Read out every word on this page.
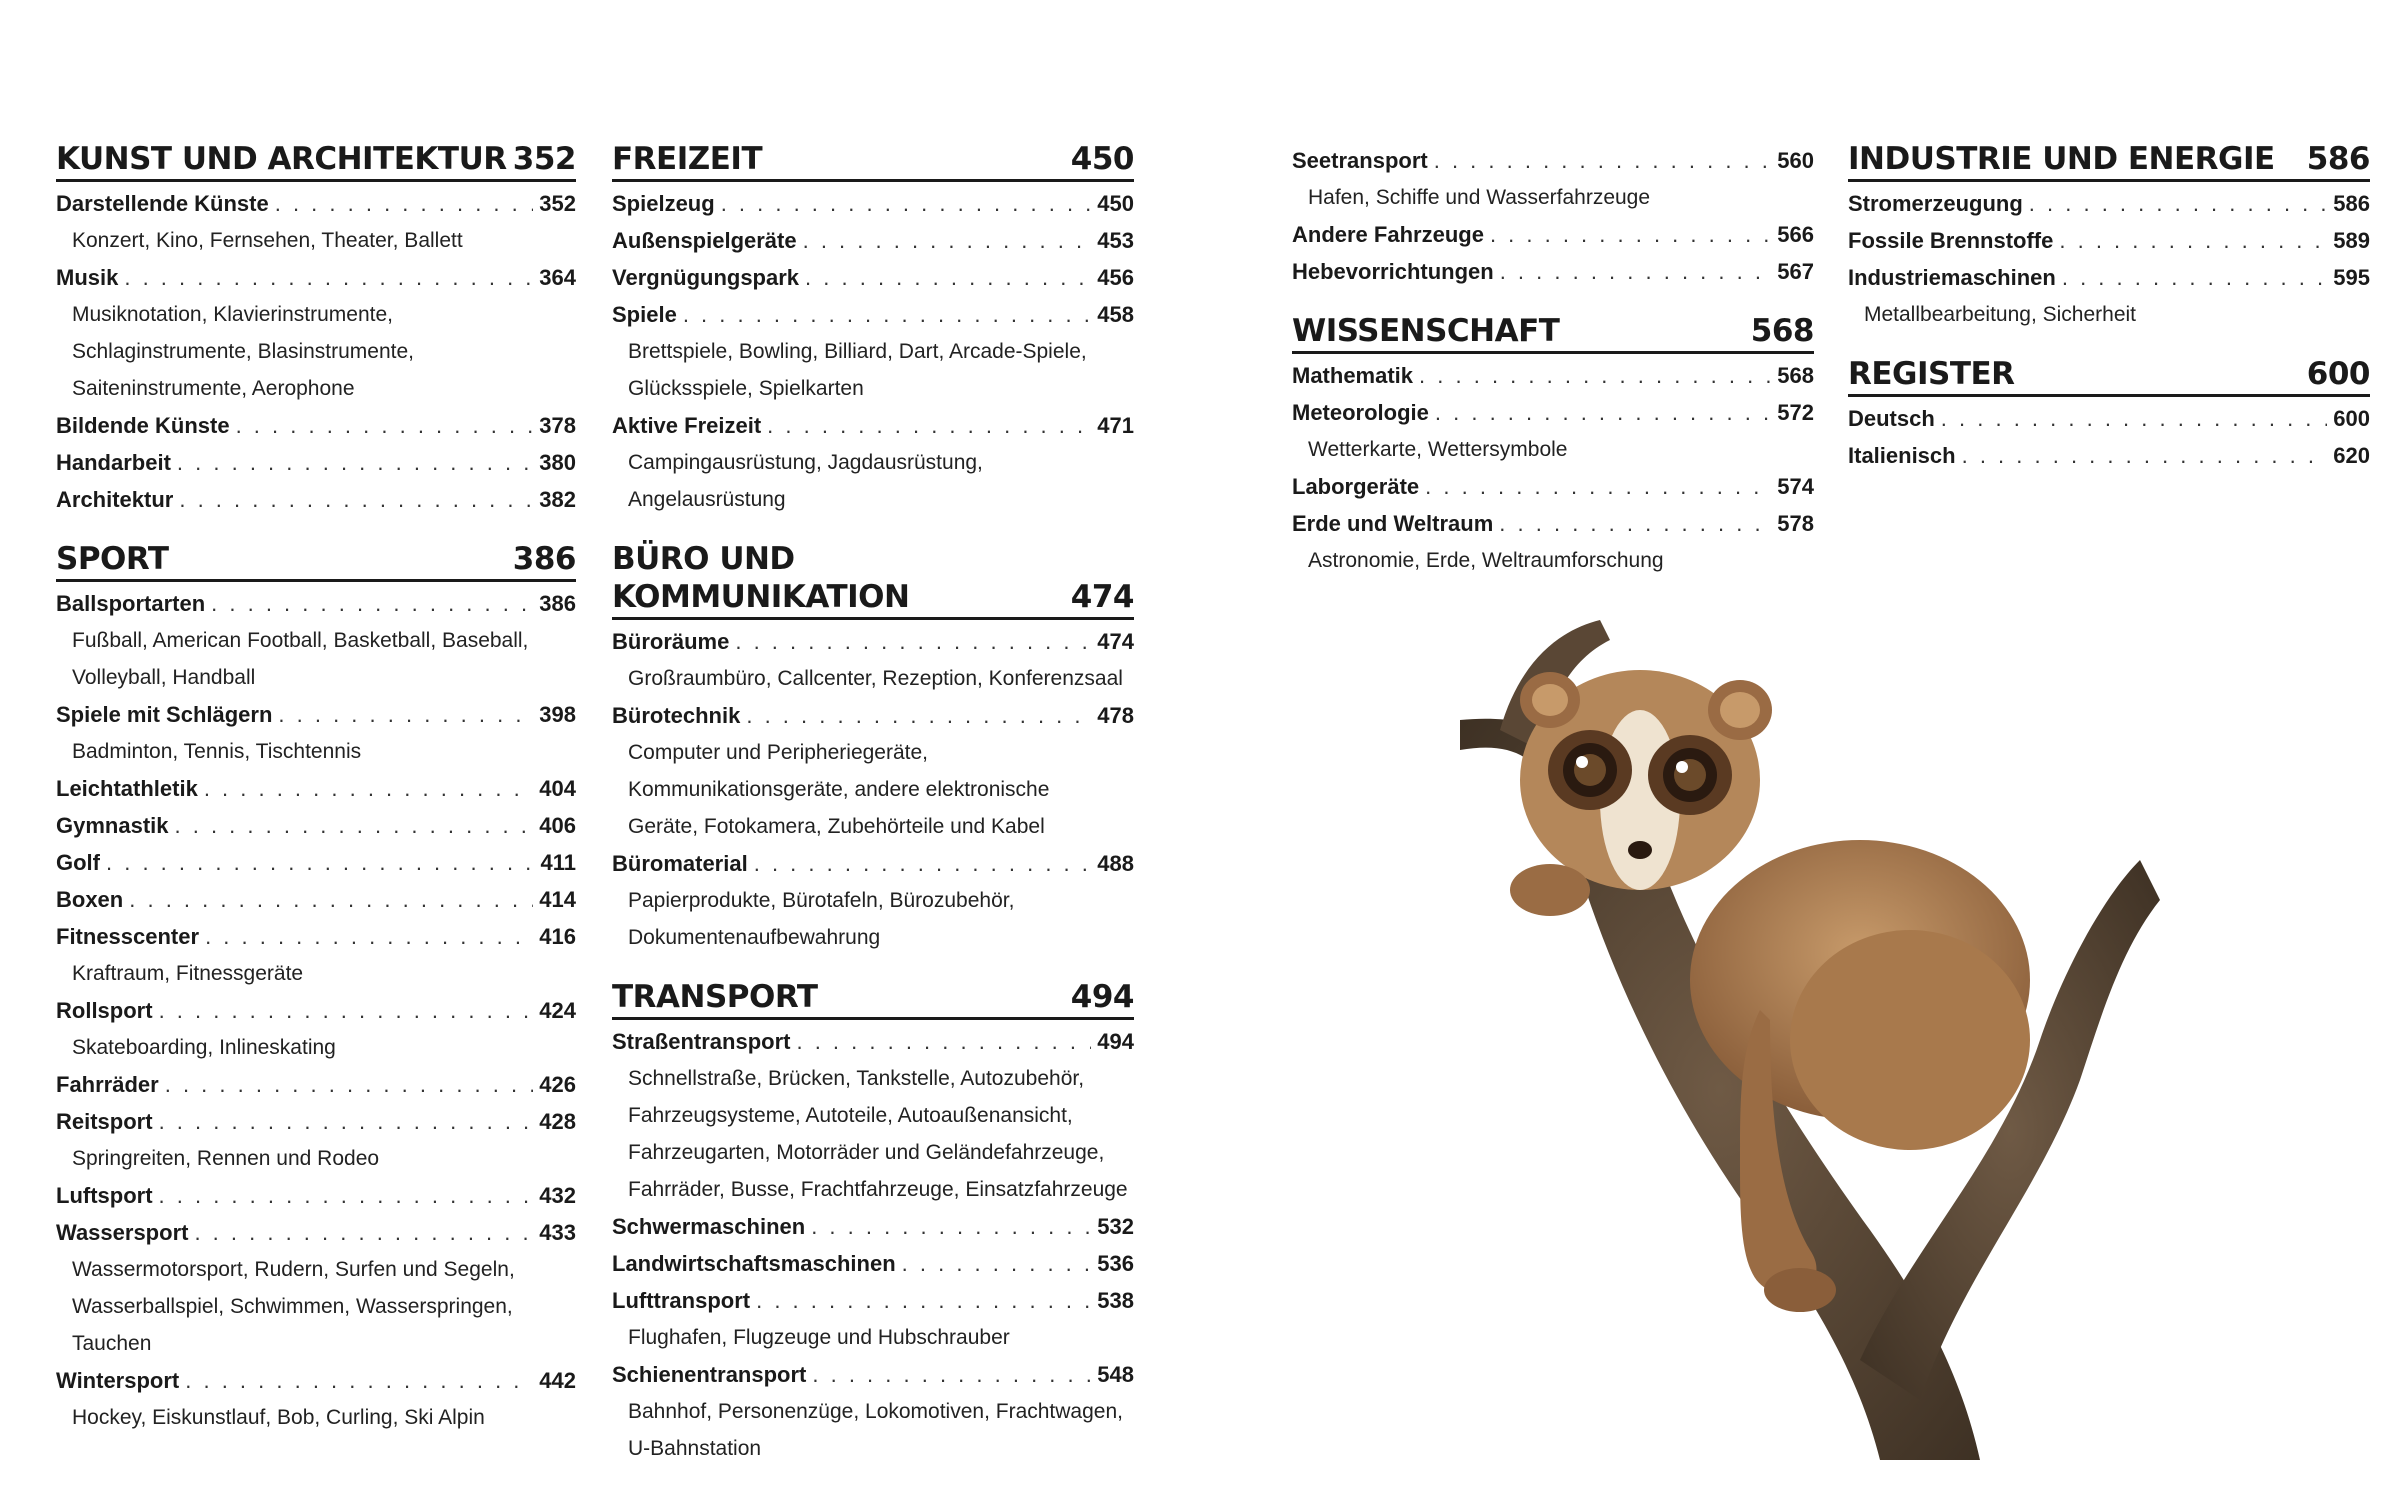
KUNST UND ARCHITEKTUR 352
Darstellende Künste . . .	352
Konzert, Kino, Fernsehen, Theater, Ballett
Musik . . .	364
Musiknotation, Klavierinstrumente,
Schlaginstrumente, Blasinstrumente,
Saiteninstrumente, Aerophone
Bildende Künste . . .	378
Handarbeit . . .	380
Architektur . . .	382
SPORT	386
Ballsportarten . . .	386
Fußball, American Football, Basketball, Baseball,
Volleyball, Handball
Spiele mit Schlägern . . .	398
Badminton, Tennis, Tischtennis
Leichtathletik . . .	404
Gymnastik . . .	406
Golf . . .	411
Boxen . . .	414
Fitnesscenter . . .	416
Kraftraum, Fitnessgeräte
Rollsport . . .	424
Skateboarding, Inlineskating
Fahrräder . . .	426
Reitsport . . .	428
Springreiten, Rennen und Rodeo
Luftsport . . .	432
Wassersport . . .	433
Wassermotorsport, Rudern, Surfen und Segeln,
Wasserballspiel, Schwimmen, Wasserspringen,
Tauchen
Wintersport . . .	442
Hockey, Eiskunstlauf, Bob, Curling, Ski Alpin
FREIZEIT	450
Spielzeug . . .	450
Außenspielgeräte . . .	453
Vergnügungspark . . .	456
Spiele . . .	458
Brettspiele, Bowling, Billiard, Dart, Arcade-Spiele,
Glücksspiele, Spielkarten
Aktive Freizeit . . .	471
Campingausrüstung, Jagdausrüstung,
Angelausrüstung
BÜRO UND KOMMUNIKATION	474
Büroräume . . .	474
Großraumbüro, Callcenter, Rezeption, Konferenzsaal
Bürotechnik . . .	478
Computer und Peripheriegeräte,
Kommunikationsgeräte, andere elektronische
Geräte, Fotokamera, Zubehörteile und Kabel
Büromaterial . . .	488
Papierprodukte, Bürotafeln, Bürozubehör,
Dokumentenaufbewahrung
TRANSPORT	494
Straßentransport . . .	494
Schnellstraße, Brücken, Tankstelle, Autozubehör,
Fahrzeugsysteme, Autoteile, Autoaußenansicht,
Fahrzeugarten, Motorräder und Geländefahrzeuge,
Fahrräder, Busse, Frachtfahrzeuge, Einsatzfahrzeuge
Schwermaschinen . . .	532
Landwirtschaftsmaschinen . . .	536
Lufttransport . . .	538
Flughafen, Flugzeuge und Hubschrauber
Schienentransport . . .	548
Bahnhof, Personenzüge, Lokomotiven, Frachtwagen,
U-Bahnstation
Seetransport . . .	560
Hafen, Schiffe und Wasserfahrzeuge
Andere Fahrzeuge . . .	566
Hebevorrichtungen . . .	567
WISSENSCHAFT	568
Mathematik . . .	568
Meteorologie . . .	572
Wetterkarte, Wettersymbole
Laborgeräte . . .	574
Erde und Weltraum . . .	578
Astronomie, Erde, Weltraumforschung
INDUSTRIE UND ENERGIE 586
Stromerzeugung . . .	586
Fossile Brennstoffe . . .	589
Industriemaschinen . . .	595
Metallbearbeitung, Sicherheit
REGISTER	600
Deutsch . . .	600
Italienisch . . .	620
